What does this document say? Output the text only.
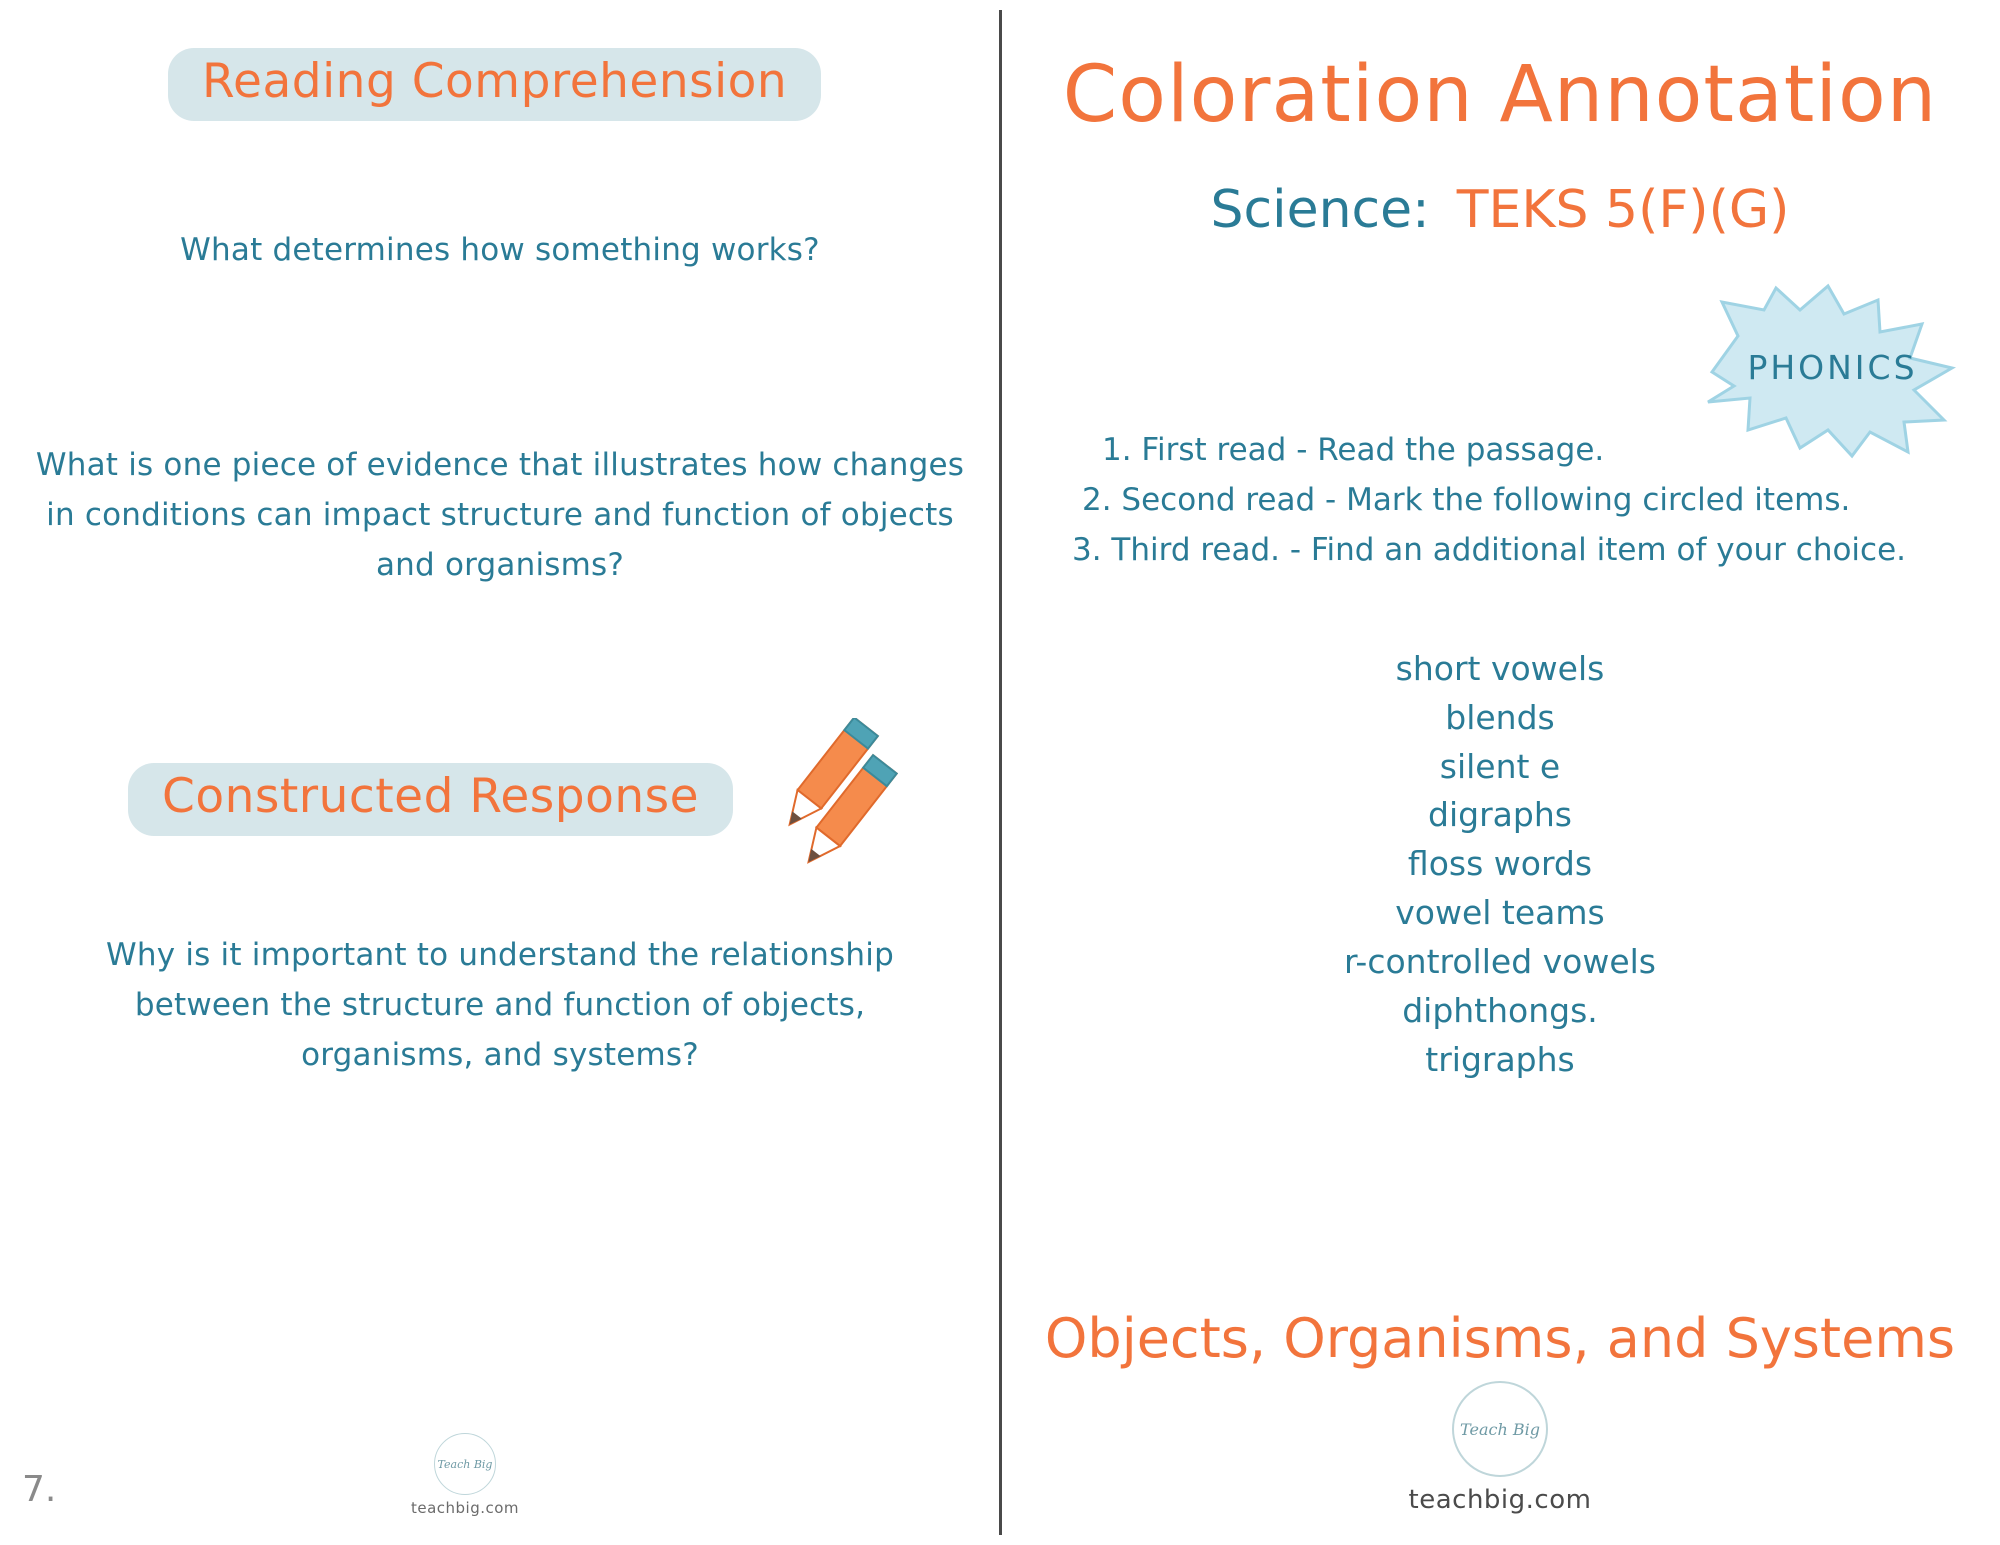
Reading Comprehension
What determines how something works?
What is one piece of evidence that illustrates how changes in conditions can impact structure and function of objects and organisms?
Constructed Response
Why is it important to understand the relationship between the structure and function of objects, organisms, and systems?
7.
Teach Big
teachbig.com
Coloration Annotation
Science: TEKS 5(F)(G)
PHONICS
1. First read - Read the passage.
2. Second read - Mark the following circled items.
3. Third read. - Find an additional item of your choice.
short vowels
blends
silent e
digraphs
floss words
vowel teams
r-controlled vowels
diphthongs.
trigraphs
Objects, Organisms, and Systems
Teach Big
teachbig.com
